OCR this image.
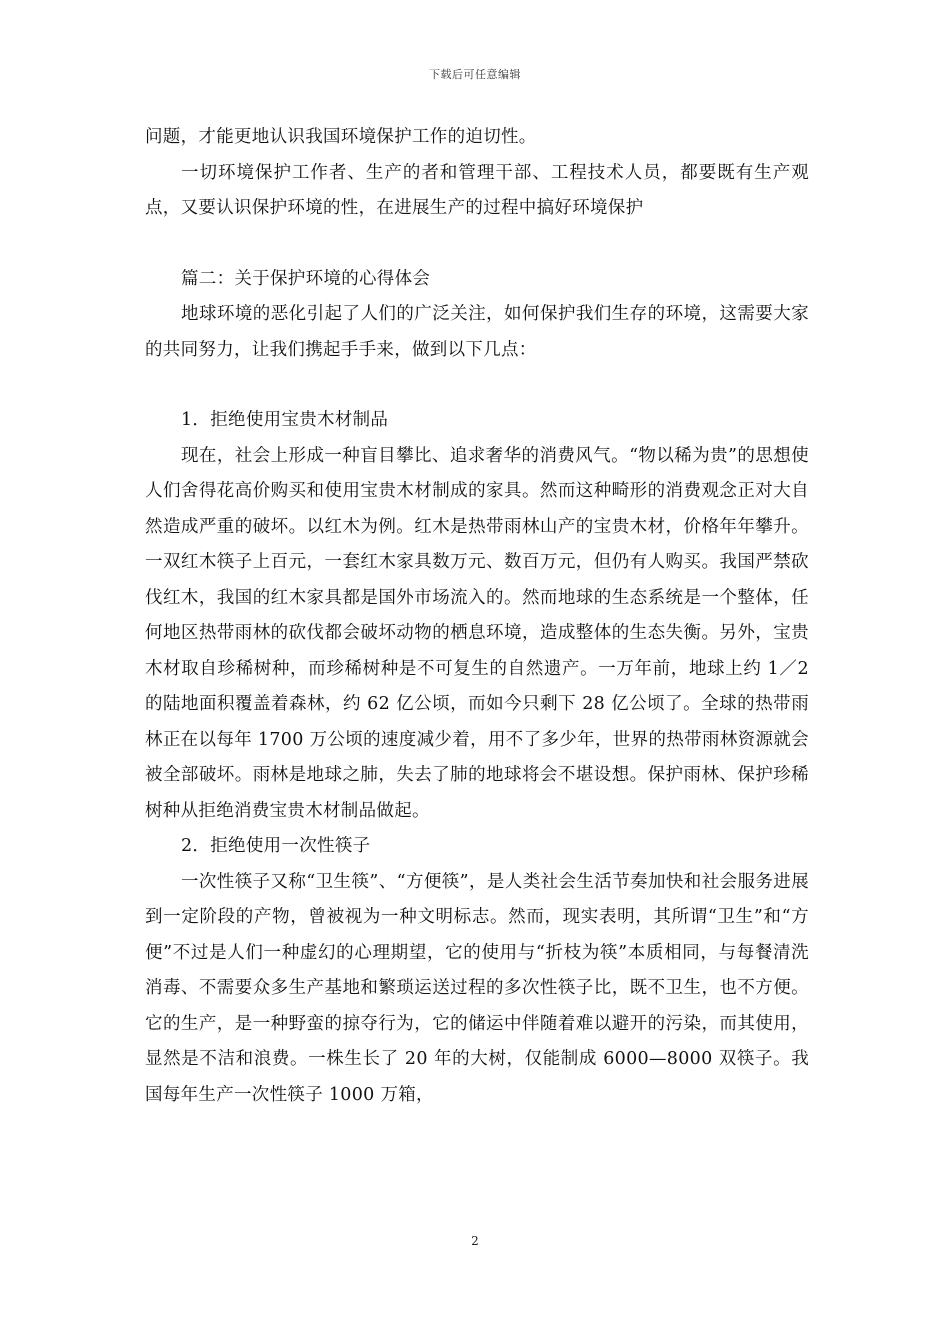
下载后可任意编辑

问题，才能更地认识我国环境保护工作的迫切性。

一切环境保护工作者、生产的者和管理干部、工程技术人员，都要既有生产观点，又要认识保护环境的性，在进展生产的过程中搞好环境保护

篇二：关于保护环境的心得体会

地球环境的恶化引起了人们的广泛关注，如何保护我们生存的环境，这需要大家的共同努力，让我们携起手手来，做到以下几点：

1．拒绝使用宝贵木材制品

现在，社会上形成一种盲目攀比、追求奢华的消费风气。“物以稀为贵”的思想使人们舍得花高价购买和使用宝贵木材制成的家具。然而这种畸形的消费观念正对大自然造成严重的破坏。以红木为例。红木是热带雨林山产的宝贵木材，价格年年攀升。一双红木筷子上百元，一套红木家具数万元、数百万元，但仍有人购买。我国严禁砍伐红木，我国的红木家具都是国外市场流入的。然而地球的生态系统是一个整体，任何地区热带雨林的砍伐都会破坏动物的栖息环境，造成整体的生态失衡。另外，宝贵木材取自珍稀树种，而珍稀树种是不可复生的自然遗产。一万年前，地球上约 1／2 的陆地面积覆盖着森林，约 62 亿公顷，而如今只剩下 28 亿公顷了。全球的热带雨林正在以每年 1700 万公顷的速度减少着，用不了多少年，世界的热带雨林资源就会被全部破坏。雨林是地球之肺，失去了肺的地球将会不堪设想。保护雨林、保护珍稀树种从拒绝消费宝贵木材制品做起。

2．拒绝使用一次性筷子

一次性筷子又称“卫生筷”、“方便筷”，是人类社会生活节奏加快和社会服务进展到一定阶段的产物，曾被视为一种文明标志。然而，现实表明，其所谓“卫生”和“方便”不过是人们一种虚幻的心理期望，它的使用与“折枝为筷”本质相同，与每餐清洗消毒、不需要众多生产基地和繁琐运送过程的多次性筷子比，既不卫生，也不方便。它的生产，是一种野蛮的掠夺行为，它的储运中伴随着难以避开的污染，而其使用，显然是不洁和浪费。一株生长了 20 年的大树，仅能制成 6000—8000 双筷子。我国每年生产一次性筷子 1000 万箱，

2
